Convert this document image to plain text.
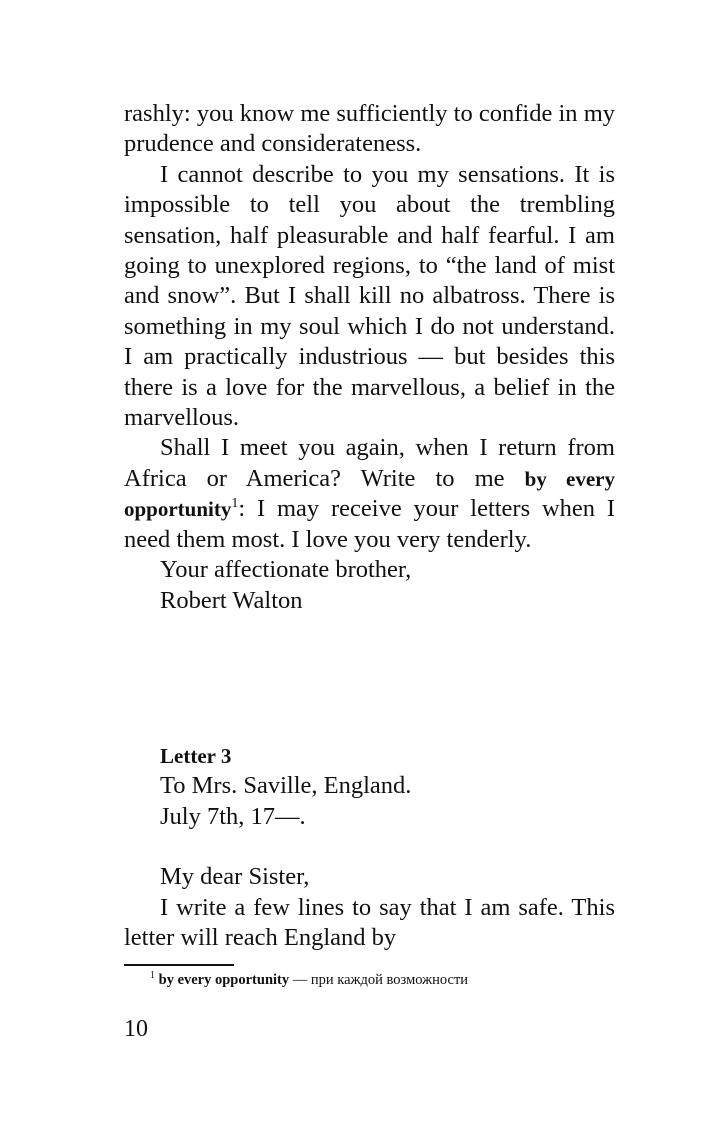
rashly: you know me sufficiently to confide in my prudence and considerateness.

I cannot describe to you my sensations. It is impossible to tell you about the trembling sensation, half pleasurable and half fearful. I am going to unexplored regions, to “the land of mist and snow”. But I shall kill no albatross. There is something in my soul which I do not understand. I am practically industrious — but besides this there is a love for the marvellous, a belief in the marvellous.

Shall I meet you again, when I return from Africa or America? Write to me by every opportunity$^1$: I may receive your letters when I need them most. I love you very tenderly.

Your affectionate brother,

Robert Walton

Letter 3

To Mrs. Saville, England.

July 7th, 17—.

My dear Sister,

I write a few lines to say that I am safe. This letter will reach England by

$^1$ by every opportunity — при каждой возможности
10
